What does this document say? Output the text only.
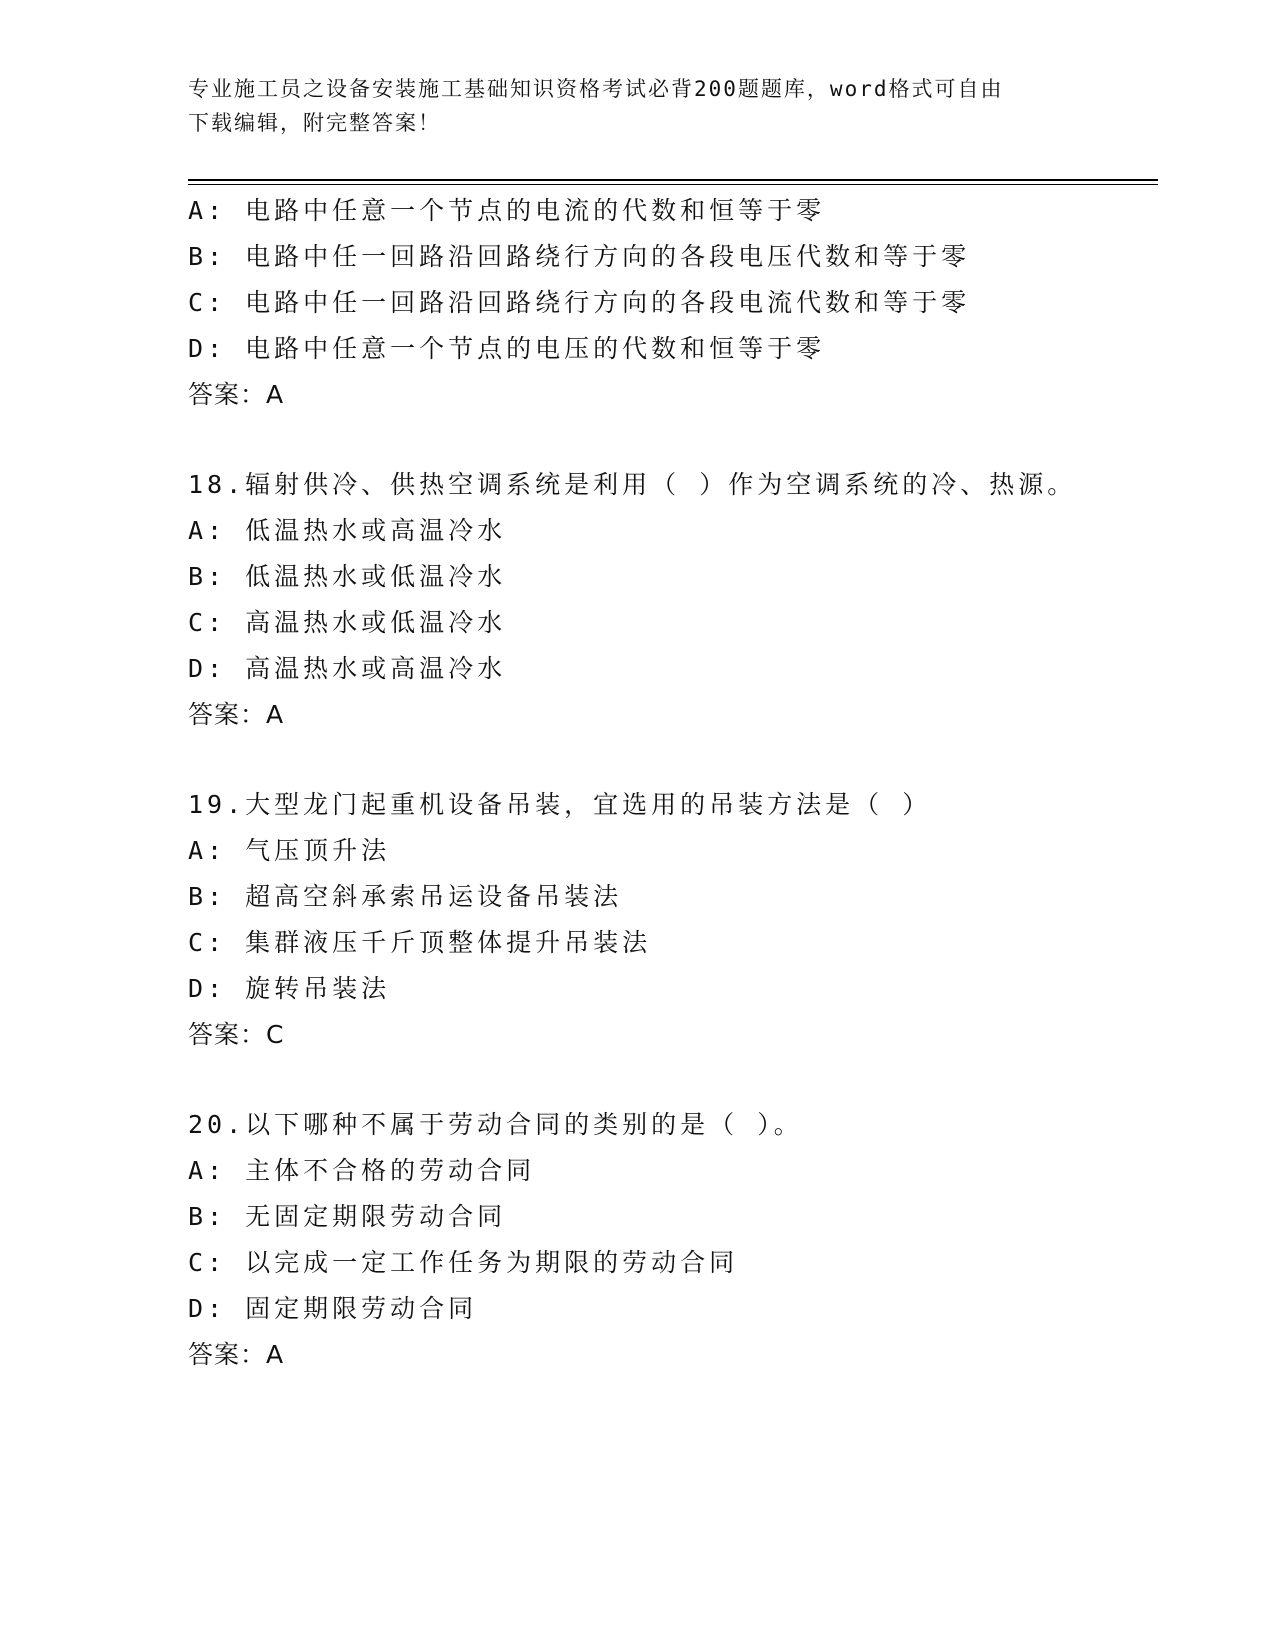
专业施工员之设备安装施工基础知识资格考试必背200题题库，word格式可自由
下载编辑，附完整答案！
A: 电路中任意一个节点的电流的代数和恒等于零
B: 电路中任一回路沿回路绕行方向的各段电压代数和等于零
C: 电路中任一回路沿回路绕行方向的各段电流代数和等于零
D: 电路中任意一个节点的电压的代数和恒等于零
答案：A
18.辐射供冷、供热空调系统是利用（ ）作为空调系统的冷、热源。
A: 低温热水或高温冷水
B: 低温热水或低温冷水
C: 高温热水或低温冷水
D: 高温热水或高温冷水
答案：A
19.大型龙门起重机设备吊装，宜选用的吊装方法是（ ）
A: 气压顶升法
B: 超高空斜承索吊运设备吊装法
C: 集群液压千斤顶整体提升吊装法
D: 旋转吊装法
答案：C
20.以下哪种不属于劳动合同的类别的是（ ）。
A: 主体不合格的劳动合同
B: 无固定期限劳动合同
C: 以完成一定工作任务为期限的劳动合同
D: 固定期限劳动合同
答案：A
